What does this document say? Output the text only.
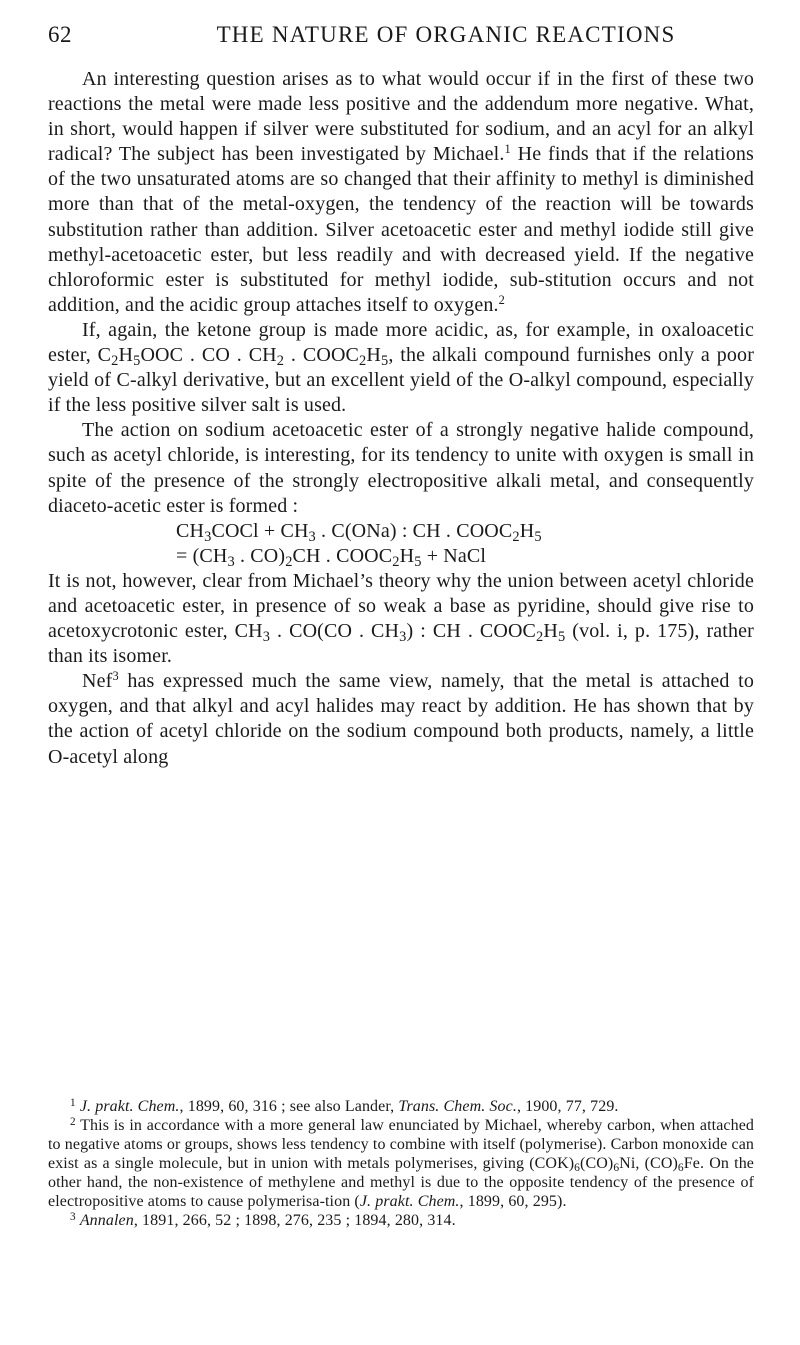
62	THE NATURE OF ORGANIC REACTIONS

An interesting question arises as to what would occur if in the first of these two reactions the metal were made less positive and the addendum more negative. What, in short, would happen if silver were substituted for sodium, and an acyl for an alkyl radical? The subject has been investigated by Michael.$^1$ He finds that if the relations of the two unsaturated atoms are so changed that their affinity to methyl is diminished more than that of the metal-oxygen, the tendency of the reaction will be towards substitution rather than addition. Silver acetoacetic ester and methyl iodide still give methyl-acetoacetic ester, but less readily and with decreased yield. If the negative chloroformic ester is substituted for methyl iodide, sub-stitution occurs and not addition, and the acidic group attaches itself to oxygen.$^2$

If, again, the ketone group is made more acidic, as, for example, in oxaloacetic ester, $C_2H_5OOC$ . CO . $CH_2$ . $COOC_2H_5$, the alkali compound furnishes only a poor yield of C-alkyl derivative, but an excellent yield of the O-alkyl compound, especially if the less positive silver salt is used.

The action on sodium acetoacetic ester of a strongly negative halide compound, such as acetyl chloride, is interesting, for its tendency to unite with oxygen is small in spite of the presence of the strongly electropositive alkali metal, and consequently diaceto-acetic ester is formed :

$CH_3COCl + CH_3$ . C(ONa) : CH . $COOC_2H_5$
= ($CH_3$ . $CO)_2CH$ . $COOC_2H_5$ + NaCl

It is not, however, clear from Michael’s theory why the union between acetyl chloride and acetoacetic ester, in presence of so weak a base as pyridine, should give rise to acetoxycrotonic ester, $CH_3$ . CO(CO . $CH_3$) : CH . $COOC_2H_5$ (vol. i, p. 175), rather than its isomer.

Nef$^3$ has expressed much the same view, namely, that the metal is attached to oxygen, and that alkyl and acyl halides may react by addition. He has shown that by the action of acetyl chloride on the sodium compound both products, namely, a little O-acetyl along

$^1$ J. prakt. Chem., 1899, 60, 316 ; see also Lander, Trans. Chem. Soc., 1900, 77, 729.

$^2$ This is in accordance with a more general law enunciated by Michael, whereby carbon, when attached to negative atoms or groups, shows less tendency to combine with itself (polymerise). Carbon monoxide can exist as a single molecule, but in union with metals polymerises, giving $(COK)_6(CO)_6Ni$, $(CO)_6Fe$. On the other hand, the non-existence of methylene and methyl is due to the opposite tendency of the presence of electropositive atoms to cause polymerisa-tion (J. prakt. Chem., 1899, 60, 295).

$^3$ Annalen, 1891, 266, 52 ; 1898, 276, 235 ; 1894, 280, 314.
